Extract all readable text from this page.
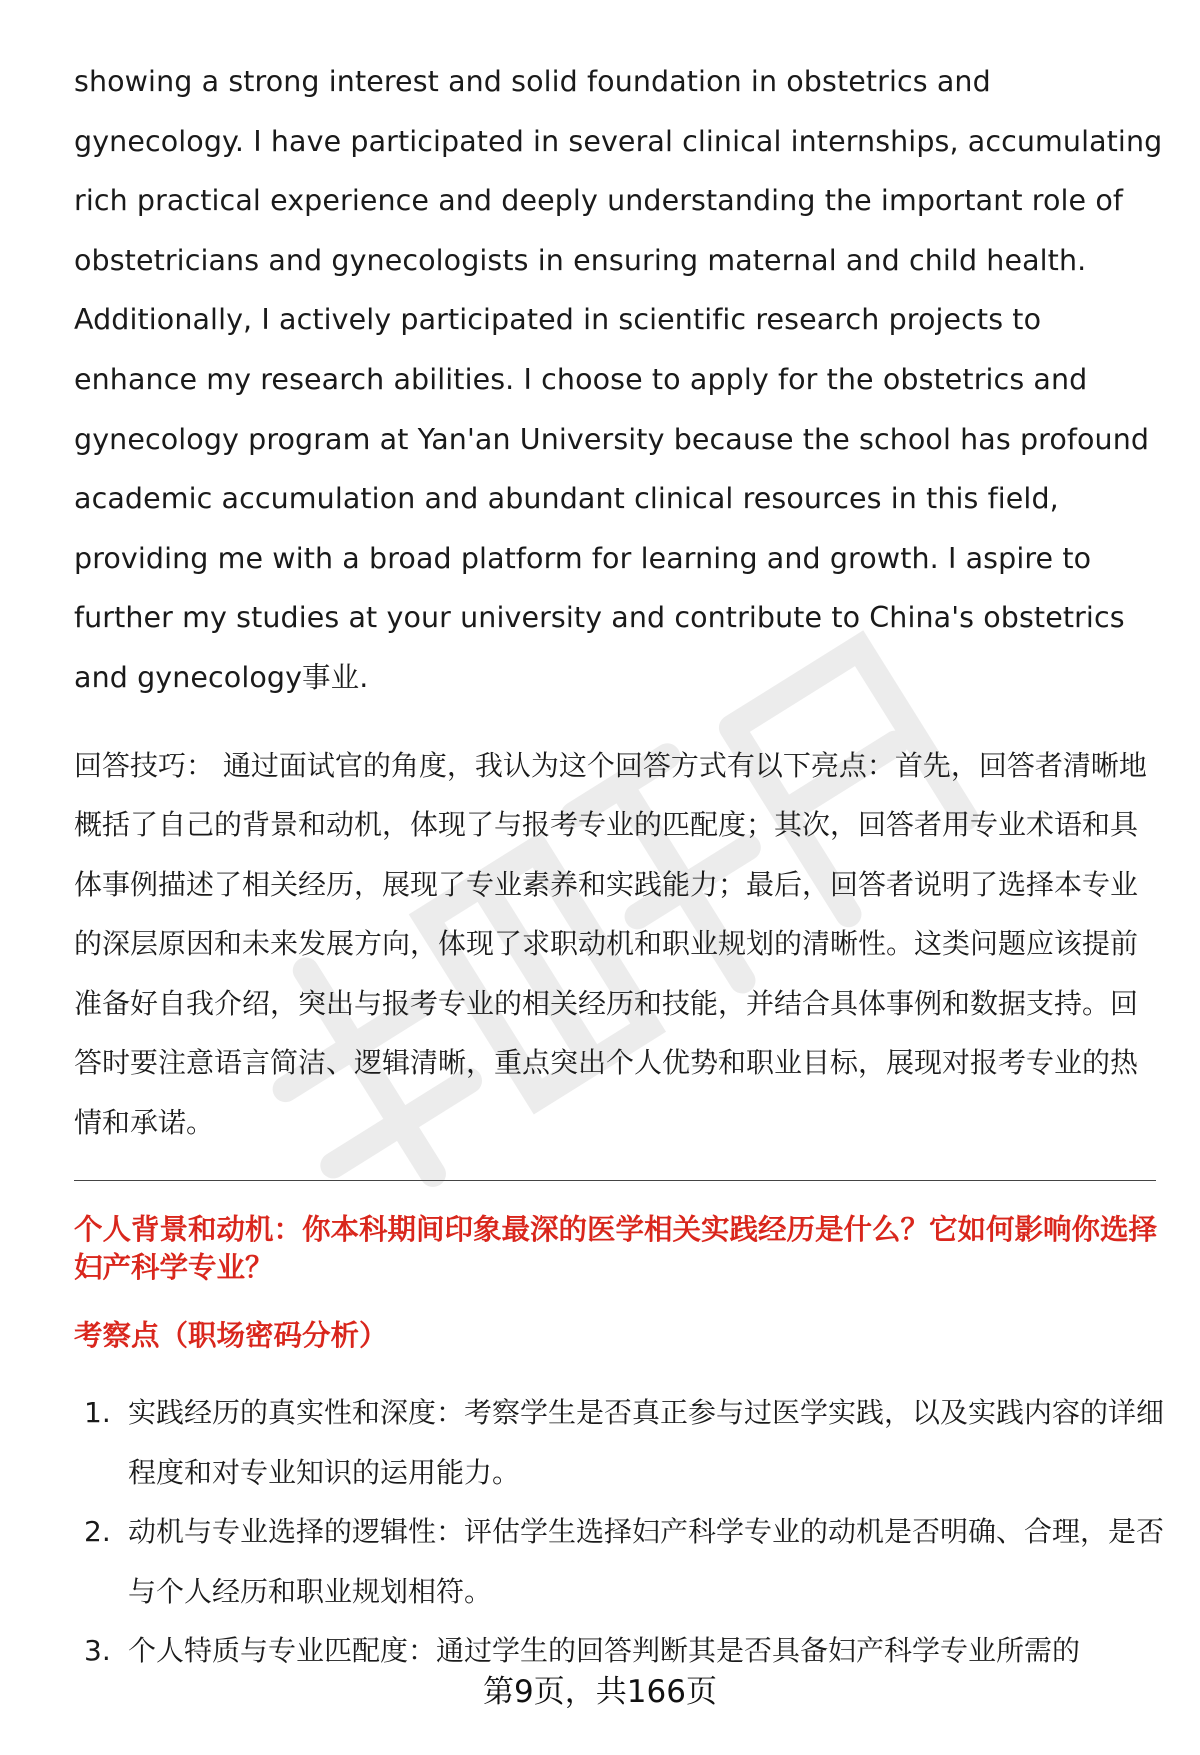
showing a strong interest and solid foundation in obstetrics and gynecology. I have participated in several clinical internships, accumulating rich practical experience and deeply understanding the important role of obstetricians and gynecologists in ensuring maternal and child health. Additionally, I actively participated in scientific research projects to enhance my research abilities. I choose to apply for the obstetrics and gynecology program at Yan'an University because the school has profound academic accumulation and abundant clinical resources in this field, providing me with a broad platform for learning and growth. I aspire to further my studies at your university and contribute to China's obstetrics and gynecology事业.

回答技巧： 通过面试官的角度，我认为这个回答方式有以下亮点：首先，回答者清晰地概括了自己的背景和动机，体现了与报考专业的匹配度；其次，回答者用专业术语和具体事例描述了相关经历，展现了专业素养和实践能力；最后，回答者说明了选择本专业的深层原因和未来发展方向，体现了求职动机和职业规划的清晰性。这类问题应该提前准备好自我介绍，突出与报考专业的相关经历和技能，并结合具体事例和数据支持。回答时要注意语言简洁、逻辑清晰，重点突出个人优势和职业目标，展现对报考专业的热情和承诺。

个人背景和动机：你本科期间印象最深的医学相关实践经历是什么？它如何影响你选择妇产科学专业？
考察点（职场密码分析）
1. 实践经历的真实性和深度：考察学生是否真正参与过医学实践，以及实践内容的详细程度和对专业知识的运用能力。
2. 动机与专业选择的逻辑性：评估学生选择妇产科学专业的动机是否明确、合理，是否与个人经历和职业规划相符。
3. 个人特质与专业匹配度：通过学生的回答判断其是否具备妇产科学专业所需的
第9页，共166页
